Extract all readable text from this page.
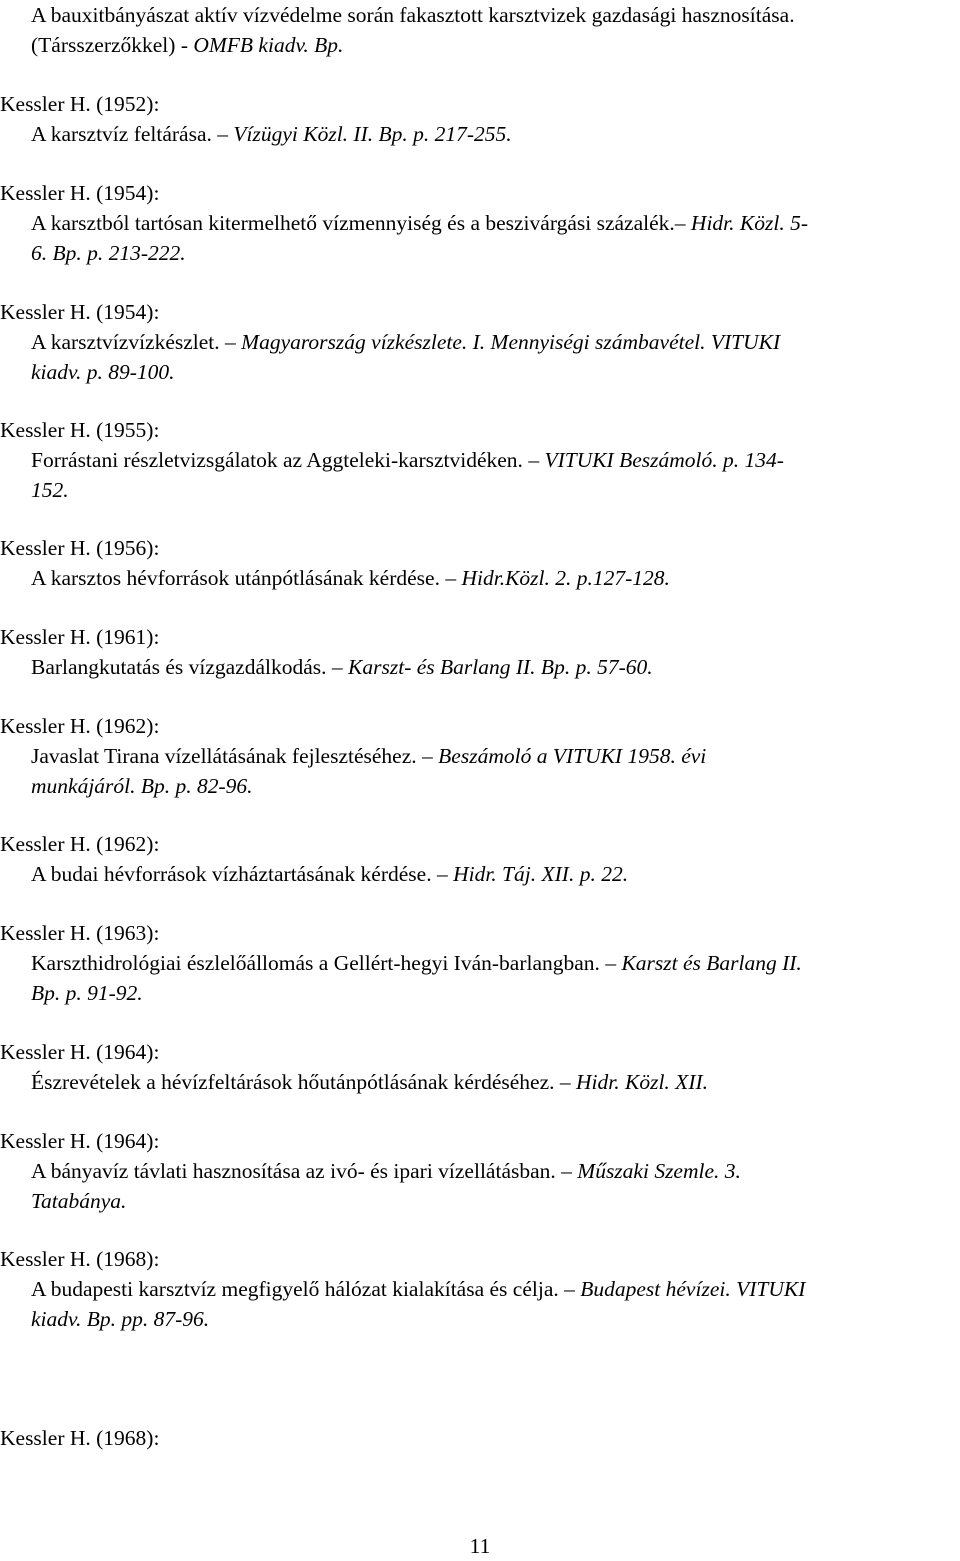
A bauxitbányászat aktív vízvédelme során fakasztott karsztvizek gazdasági hasznosítása.
(Társszerzőkkel) - OMFB kiadv. Bp.
Kessler H. (1952):
A karsztvíz feltárása. – Vízügyi Közl. II. Bp. p. 217-255.
Kessler H. (1954):
A karsztból tartósan kitermelhető vízmennyiség és a beszivárgási százalék.– Hidr. Közl. 5-
6. Bp. p. 213-222.
Kessler H. (1954):
A karsztvízvízkészlet. – Magyarország vízkészlete. I. Mennyiségi számbavétel. VITUKI
kiadv. p. 89-100.
Kessler H. (1955):
Forrástani részletvizsgálatok az Aggteleki-karsztvidéken. – VITUKI Beszámoló. p. 134-
152.
Kessler H. (1956):
A karsztos hévforrások utánpótlásának kérdése. – Hidr.Közl. 2. p.127-128.
Kessler H. (1961):
Barlangkutatás és vízgazdálkodás. – Karszt- és Barlang II. Bp. p. 57-60.
Kessler H. (1962):
Javaslat Tirana vízellátásának fejlesztéséhez. – Beszámoló a VITUKI 1958. évi
munkájáról. Bp. p. 82-96.
Kessler H. (1962):
A budai hévforrások vízháztartásának kérdése. – Hidr. Táj. XII. p. 22.
Kessler H. (1963):
Karszthidrológiai észlelőállomás a Gellért-hegyi Iván-barlangban. – Karszt és Barlang II.
Bp. p. 91-92.
Kessler H. (1964):
Észrevételek a hévízfeltárások hőutánpótlásának kérdéséhez. – Hidr. Közl. XII.
Kessler H. (1964):
A bányavíz távlati hasznosítása az ivó- és ipari vízellátásban. – Műszaki Szemle. 3.
Tatabánya.
Kessler H. (1968):
A budapesti karsztvíz megfigyelő hálózat kialakítása és célja. – Budapest hévízei. VITUKI
kiadv. Bp. pp. 87-96.
Kessler H. (1968):
11
